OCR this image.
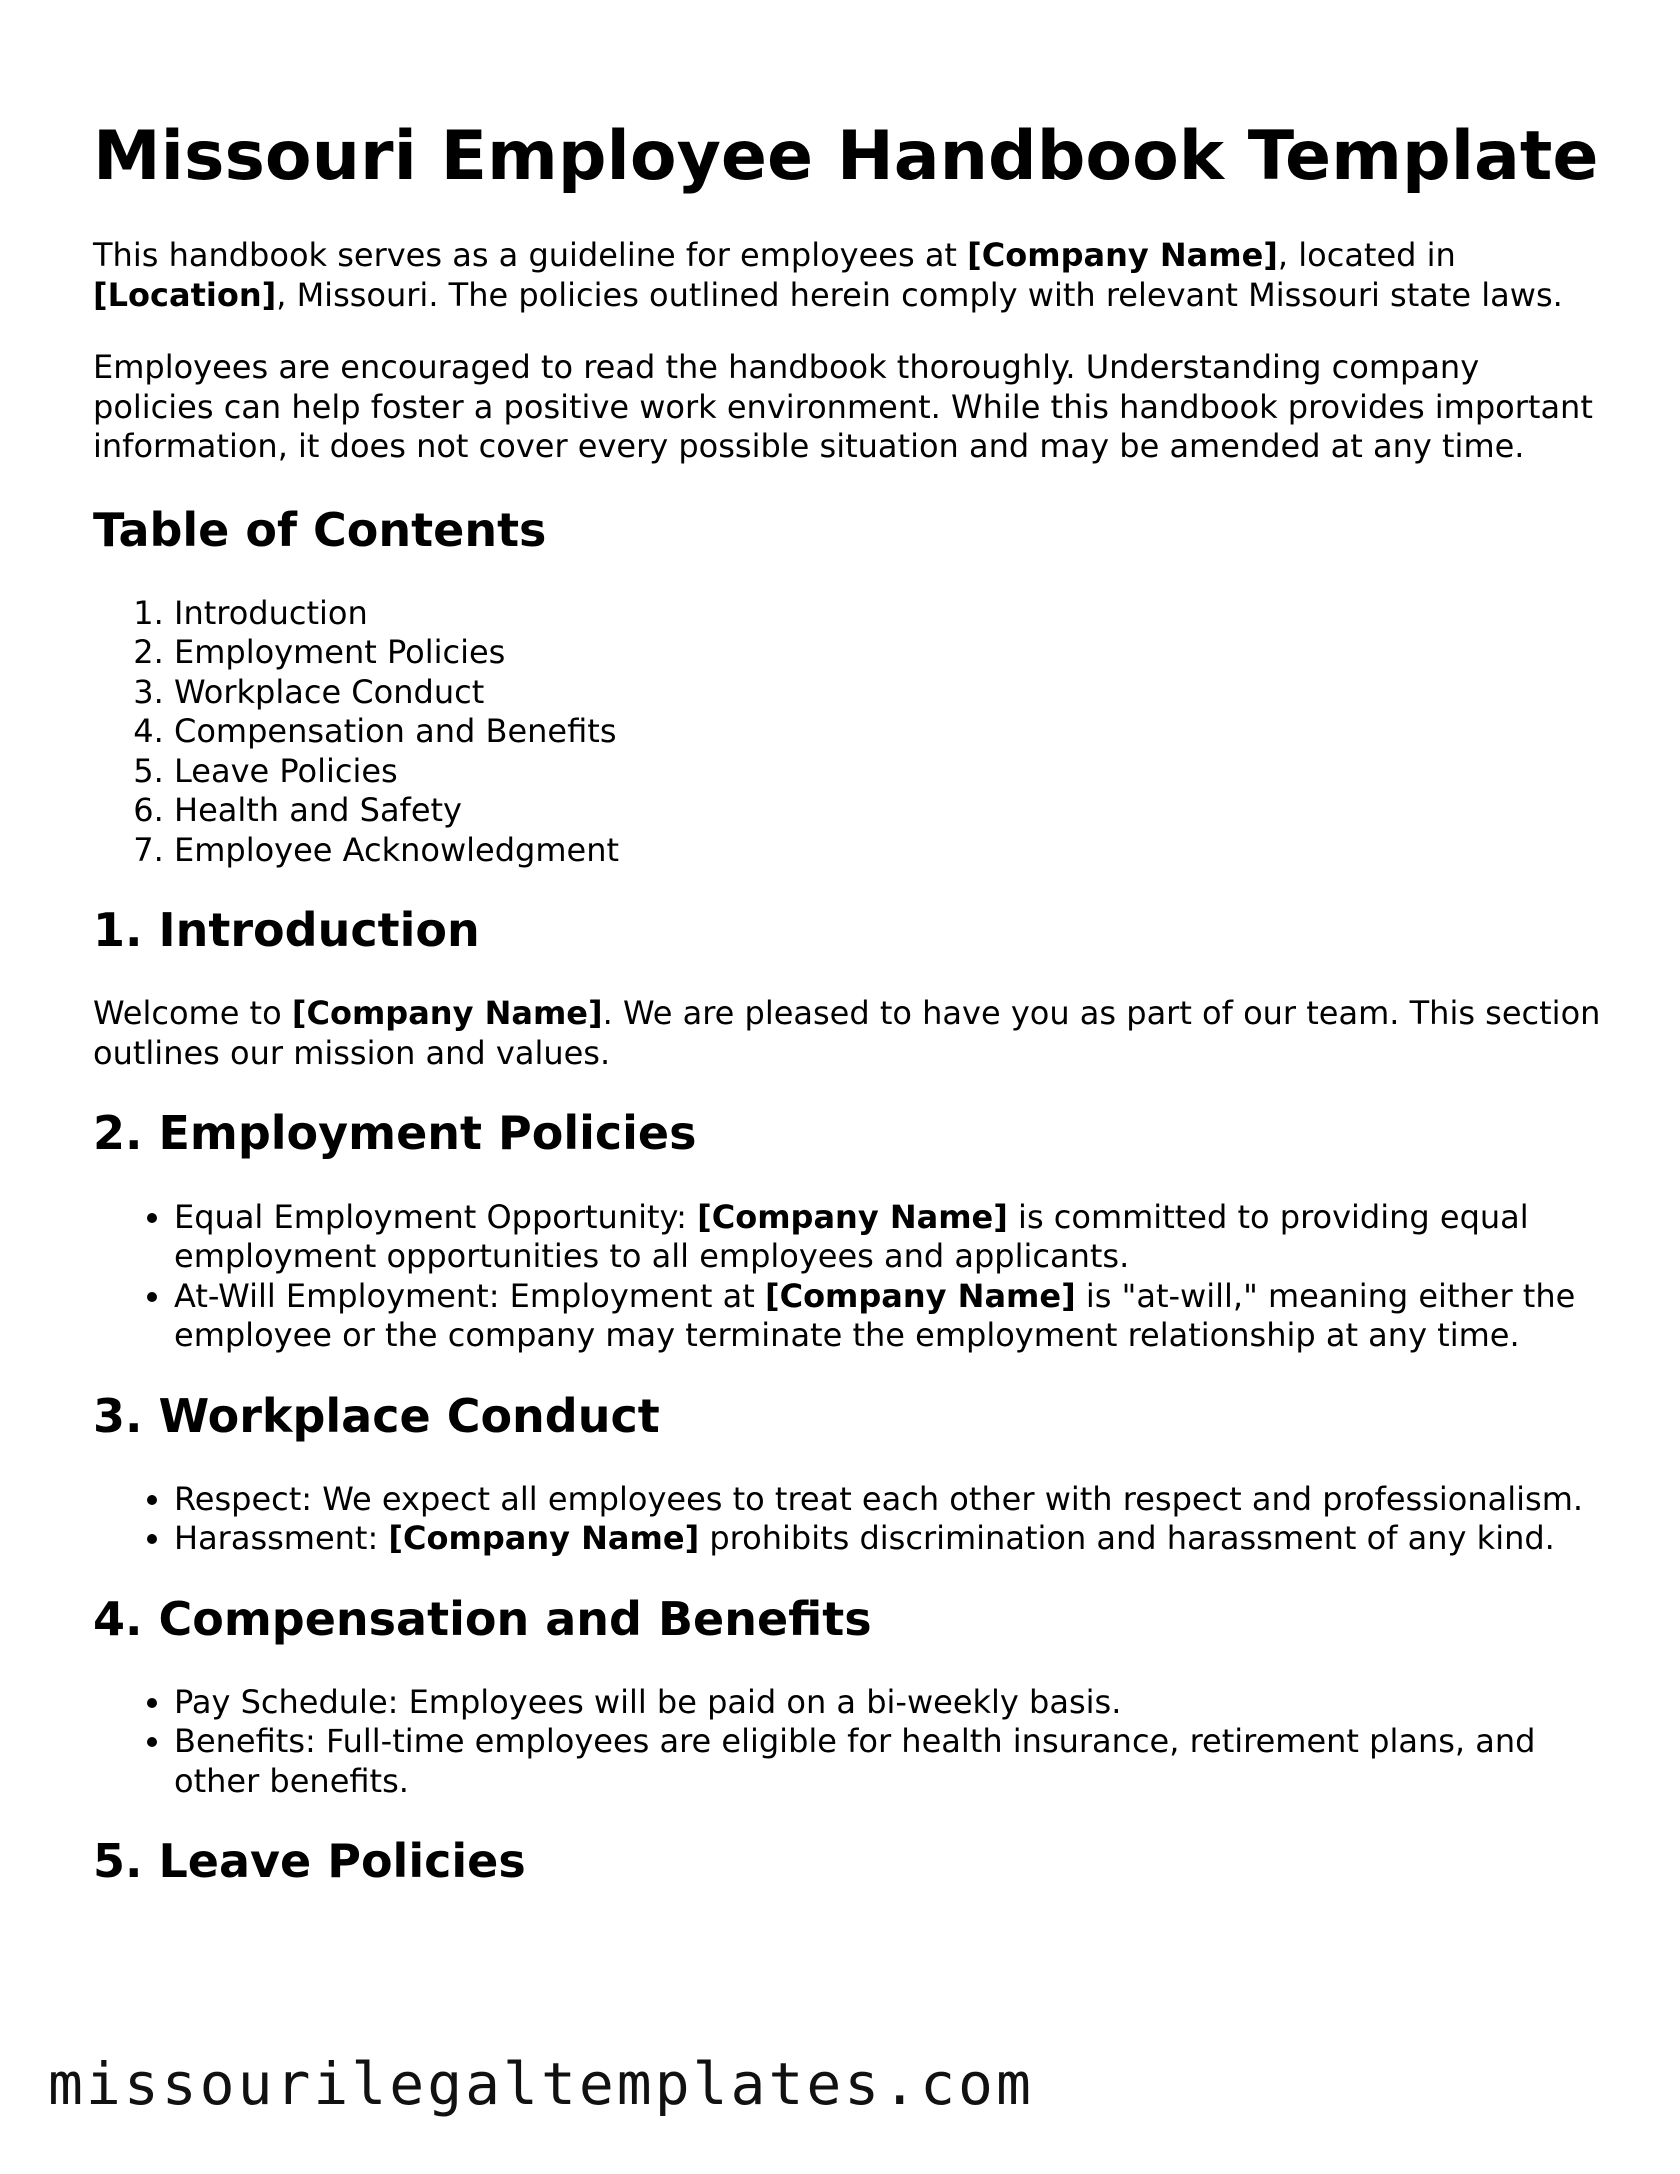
Missouri Employee Handbook Template

This handbook serves as a guideline for employees at [Company Name], located in [Location], Missouri. The policies outlined herein comply with relevant Missouri state laws.

Employees are encouraged to read the handbook thoroughly. Understanding company policies can help foster a positive work environment. While this handbook provides important information, it does not cover every possible situation and may be amended at any time.

Table of Contents
1. Introduction
2. Employment Policies
3. Workplace Conduct
4. Compensation and Benefits
5. Leave Policies
6. Health and Safety
7. Employee Acknowledgment
1. Introduction

Welcome to [Company Name]. We are pleased to have you as part of our team. This section outlines our mission and values.

2. Employment Policies
• Equal Employment Opportunity: [Company Name] is committed to providing equal employment opportunities to all employees and applicants.
• At-Will Employment: Employment at [Company Name] is "at-will," meaning either the employee or the company may terminate the employment relationship at any time.
3. Workplace Conduct
• Respect: We expect all employees to treat each other with respect and professionalism.
• Harassment: [Company Name] prohibits discrimination and harassment of any kind.
4. Compensation and Benefits
• Pay Schedule: Employees will be paid on a bi-weekly basis.
• Benefits: Full-time employees are eligible for health insurance, retirement plans, and other benefits.
5. Leave Policies
missourilegaltemplates.com
